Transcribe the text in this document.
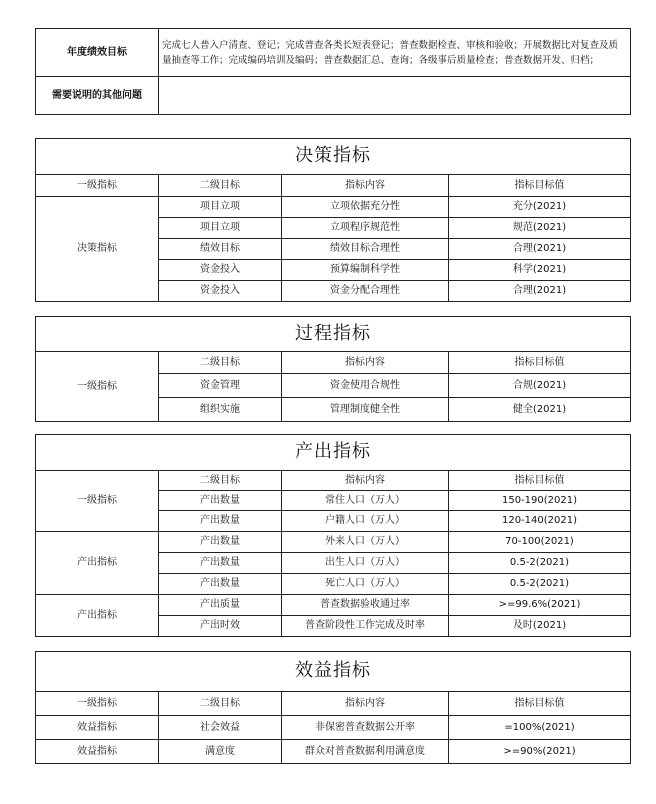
年度绩效目标	完成七人普入户清查、登记；完成普查各类长短表登记；普查数据检查、审核和验收；开展数据比对复查及质量抽查等工作；完成编码培训及编码；普查数据汇总、查询；各级事后质量检查；普查数据开发、归档；
需要说明的其他问题	
决策指标			
一级指标	二级目标	指标内容	指标目标值
决策指标	项目立项	立项依据充分性	充分(2021)
	项目立项	立项程序规范性	规范(2021)
	绩效目标	绩效目标合理性	合理(2021)
	资金投入	预算编制科学性	科学(2021)
	资金投入	资金分配合理性	合理(2021)
过程指标			
一级指标	二级目标	指标内容	指标目标值
	资金管理	资金使用合规性	合规(2021)
	组织实施	管理制度健全性	健全(2021)
产出指标			
一级指标	二级目标	指标内容	指标目标值
	产出数量	常住人口（万人）	150-190(2021)
	产出数量	户籍人口（万人）	120-140(2021)
产出指标	产出数量	外来人口（万人）	70-100(2021)
	产出数量	出生人口（万人）	0.5-2(2021)
	产出数量	死亡人口（万人）	0.5-2(2021)
产出指标	产出质量	普查数据验收通过率	>=99.6%(2021)
	产出时效	普查阶段性工作完成及时率	及时(2021)
效益指标			
一级指标	二级目标	指标内容	指标目标值
效益指标	社会效益	非保密普查数据公开率	=100%(2021)
效益指标	满意度	群众对普查数据利用满意度	>=90%(2021)
